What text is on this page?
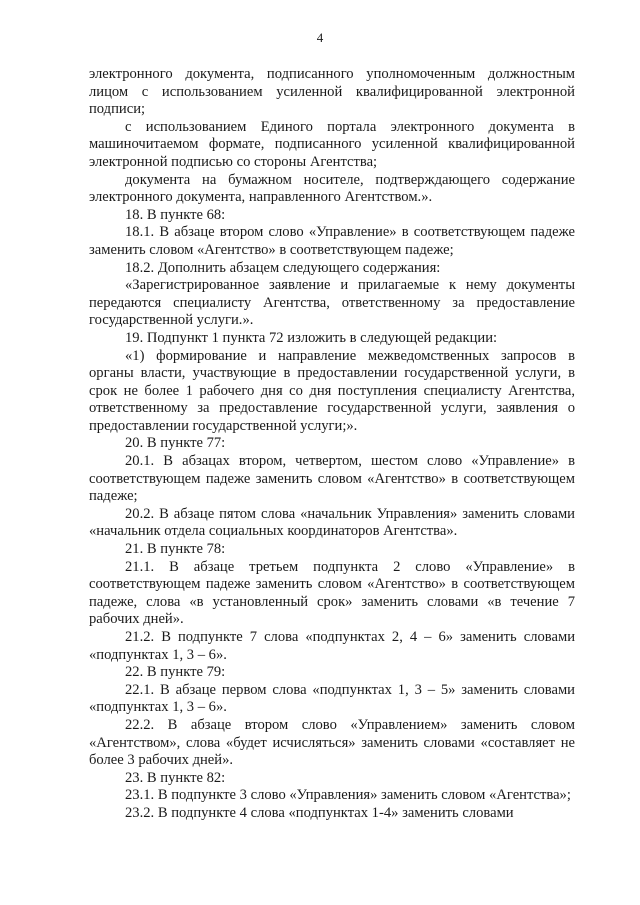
4

электронного документа, подписанного уполномоченным должностным лицом с использованием усиленной квалифицированной электронной подписи;

с использованием Единого портала электронного документа в машиночитаемом формате, подписанного усиленной квалифицированной электронной подписью со стороны Агентства;

документа на бумажном носителе, подтверждающего содержание электронного документа, направленного Агентством.».

18. В пункте 68:

18.1. В абзаце втором слово «Управление» в соответствующем падеже заменить словом «Агентство» в соответствующем падеже;

18.2. Дополнить абзацем следующего содержания:

«Зарегистрированное заявление и прилагаемые к нему документы передаются специалисту Агентства, ответственному за предоставление государственной услуги.».

19. Подпункт 1 пункта 72 изложить в следующей редакции:

«1) формирование и направление межведомственных запросов в органы власти, участвующие в предоставлении государственной услуги, в срок не более 1 рабочего дня со дня поступления специалисту Агентства, ответственному за предоставление государственной услуги, заявления о предоставлении государственной услуги;».

20. В пункте 77:

20.1. В абзацах втором, четвертом, шестом слово «Управление» в соответствующем падеже заменить словом «Агентство» в соответствующем падеже;

20.2. В абзаце пятом слова «начальник Управления» заменить словами «начальник отдела социальных координаторов Агентства».

21. В пункте 78:

21.1. В абзаце третьем подпункта 2 слово «Управление» в соответствующем падеже заменить словом «Агентство» в соответствующем падеже, слова «в установленный срок» заменить словами «в течение 7 рабочих дней».

21.2. В подпункте 7 слова «подпунктах 2, 4 – 6» заменить словами «подпунктах 1, 3 – 6».

22. В пункте 79:

22.1. В абзаце первом слова «подпунктах 1, 3 – 5» заменить словами «подпунктах 1, 3 – 6».

22.2. В абзаце втором слово «Управлением» заменить словом «Агентством», слова «будет исчисляться» заменить словами «составляет не более 3 рабочих дней».

23. В пункте 82:

23.1. В подпункте 3 слово «Управления» заменить словом «Агентства»;

23.2. В подпункте 4 слова «подпунктах 1-4» заменить словами
